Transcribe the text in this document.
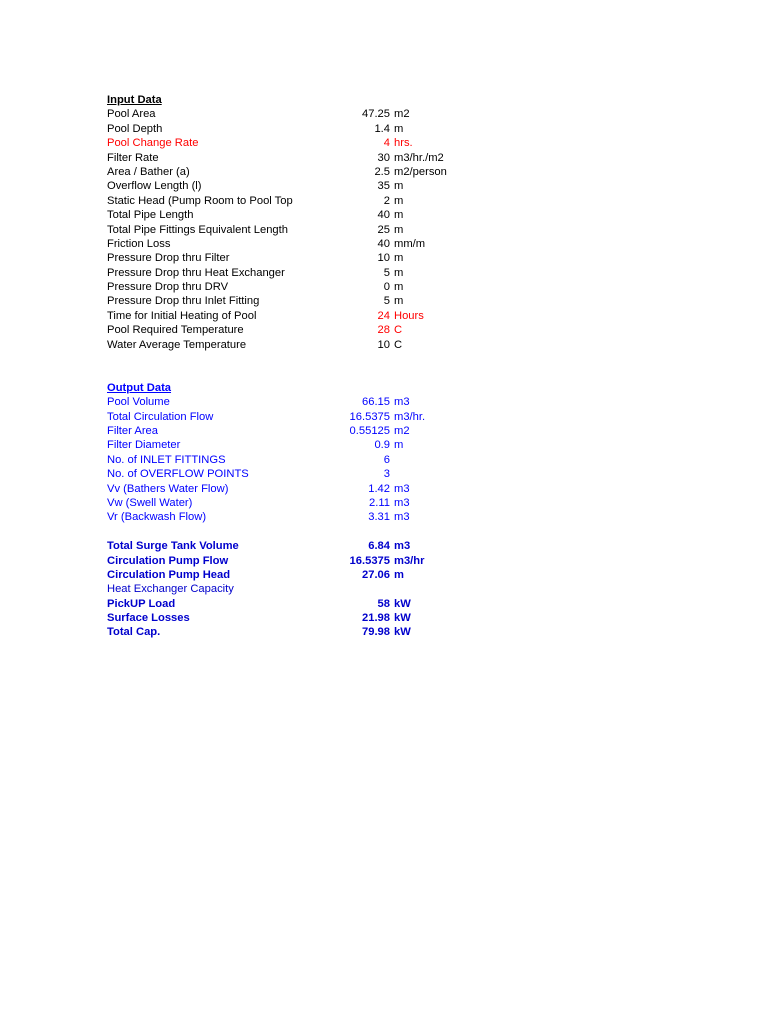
Input Data
Pool Area	47.25 m2
Pool Depth	1.4 m
Pool Change Rate	4 hrs.
Filter Rate	30 m3/hr./m2
Area / Bather (a)	2.5 m2/person
Overflow Length (l)	35 m
Static Head (Pump Room to Pool Top	2 m
Total Pipe Length	40 m
Total Pipe Fittings Equivalent Length	25 m
Friction Loss	40 mm/m
Pressure Drop thru Filter	10 m
Pressure Drop thru Heat Exchanger	5 m
Pressure Drop thru DRV	0 m
Pressure Drop thru Inlet Fitting	5 m
Time for Initial Heating of Pool	24 Hours
Pool Required Temperature	28 C
Water Average Temperature	10 C
Output Data
Pool Volume	66.15 m3
Total Circulation Flow	16.5375 m3/hr.
Filter Area	0.55125 m2
Filter Diameter	0.9 m
No. of INLET FITTINGS	6
No. of OVERFLOW POINTS	3
Vv (Bathers Water Flow)	1.42 m3
Vw (Swell Water)	2.11 m3
Vr (Backwash Flow)	3.31 m3
Total Surge Tank Volume	6.84 m3
Circulation Pump Flow	16.5375 m3/hr
Circulation Pump Head	27.06 m
Heat Exchanger Capacity
PickUP Load	58 kW
Surface Losses	21.98 kW
Total Cap.	79.98 kW
